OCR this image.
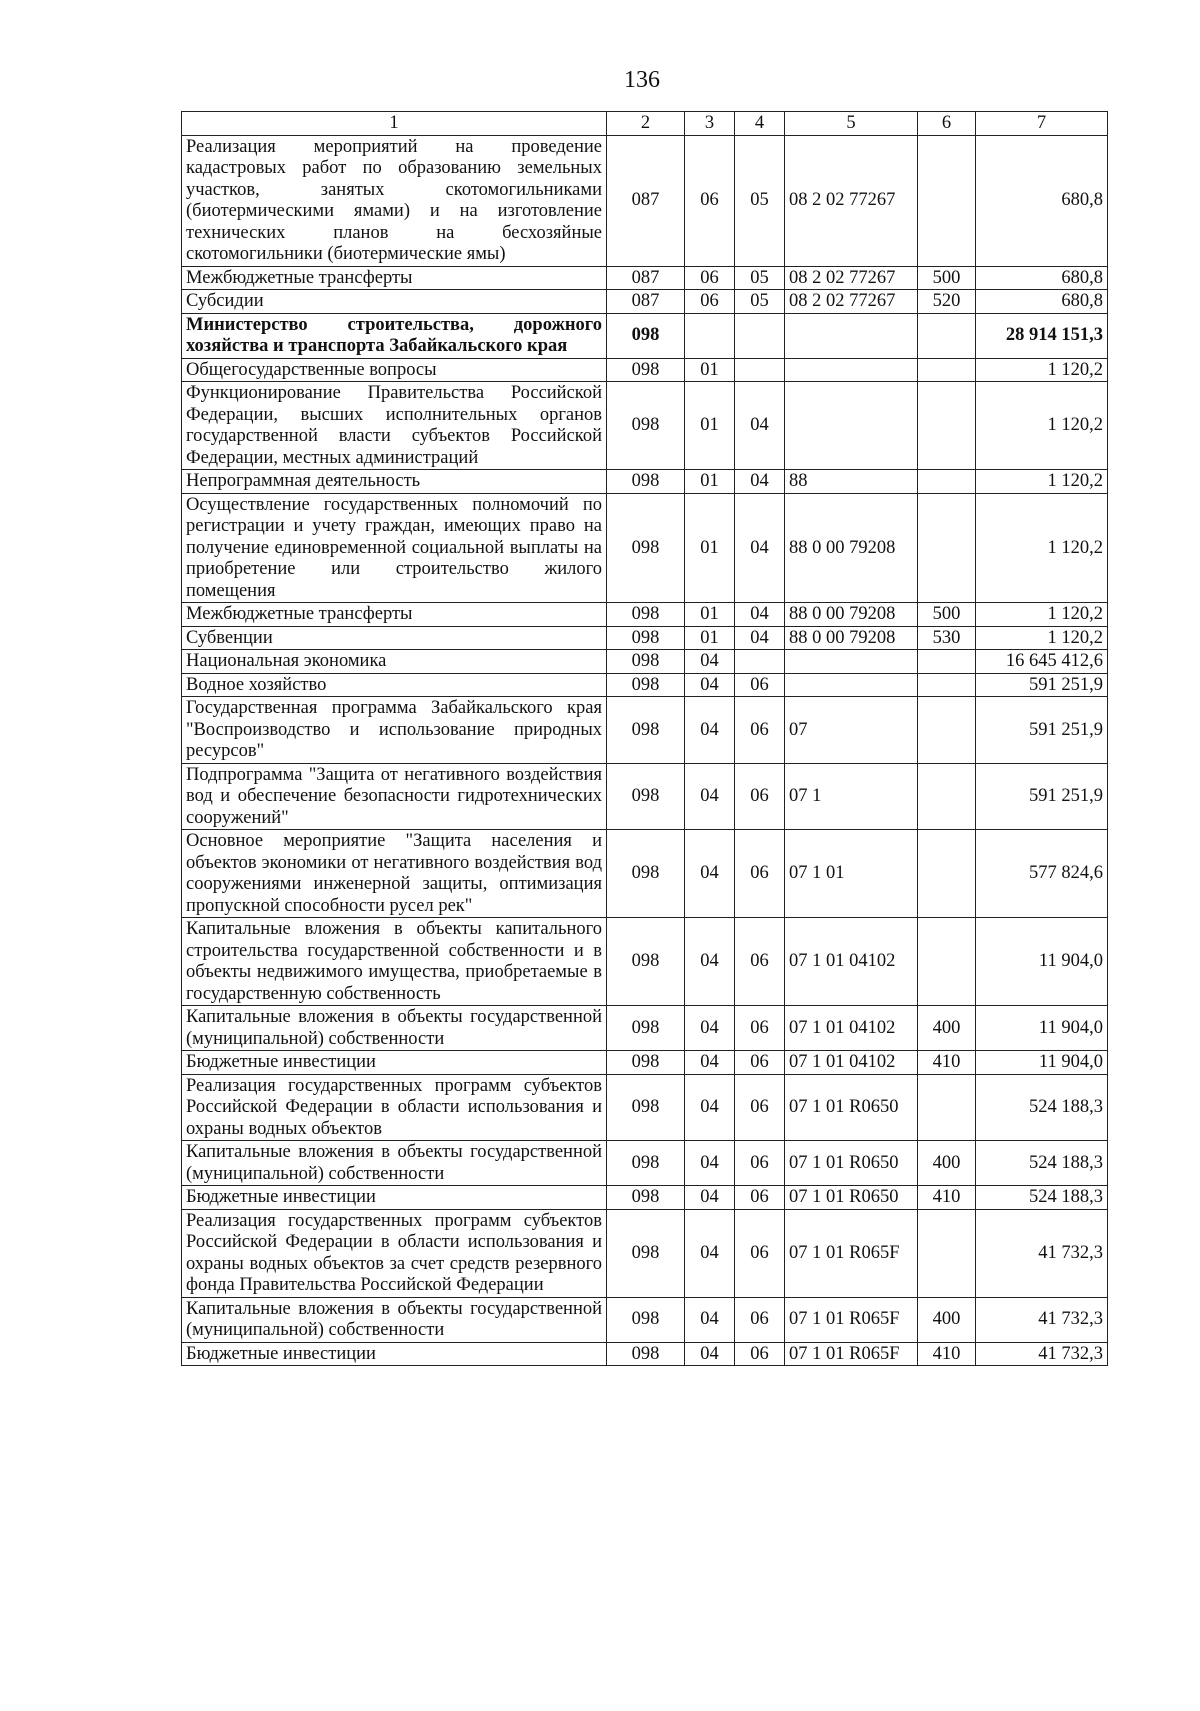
136
1	2	3	4	5	6	7
Реализация мероприятий на проведение кадастровых работ по образованию земельных участков, занятых скотомогильниками (биотермическими ямами) и на изготовление технических планов на бесхозяйные скотомогильники (биотермические ямы)	087	06	05	08 2 02 77267		680,8
Межбюджетные трансферты	087	06	05	08 2 02 77267	500	680,8
Субсидии	087	06	05	08 2 02 77267	520	680,8
Министерство строительства, дорожного хозяйства и транспорта Забайкальского края	098					28 914 151,3
Общегосударственные вопросы	098	01				1 120,2
Функционирование Правительства Российской Федерации, высших исполнительных органов государственной власти субъектов Российской Федерации, местных администраций	098	01	04			1 120,2
Непрограммная деятельность	098	01	04	88		1 120,2
Осуществление государственных полномочий по регистрации и учету граждан, имеющих право на получение единовременной социальной выплаты на приобретение или строительство жилого помещения	098	01	04	88 0 00 79208		1 120,2
Межбюджетные трансферты	098	01	04	88 0 00 79208	500	1 120,2
Субвенции	098	01	04	88 0 00 79208	530	1 120,2
Национальная экономика	098	04				16 645 412,6
Водное хозяйство	098	04	06			591 251,9
Государственная программа Забайкальского края "Воспроизводство и использование природных ресурсов"	098	04	06	07		591 251,9
Подпрограмма "Защита от негативного воздействия вод и обеспечение безопасности гидротехнических сооружений"	098	04	06	07 1		591 251,9
Основное мероприятие "Защита населения и объектов экономики от негативного воздействия вод сооружениями инженерной защиты, оптимизация пропускной способности русел рек"	098	04	06	07 1 01		577 824,6
Капитальные вложения в объекты капитального строительства государственной собственности и в объекты недвижимого имущества, приобретаемые в государственную собственность	098	04	06	07 1 01 04102		11 904,0
Капитальные вложения в объекты государственной (муниципальной) собственности	098	04	06	07 1 01 04102	400	11 904,0
Бюджетные инвестиции	098	04	06	07 1 01 04102	410	11 904,0
Реализация государственных программ субъектов Российской Федерации в области использования и охраны водных объектов	098	04	06	07 1 01 R0650		524 188,3
Капитальные вложения в объекты государственной (муниципальной) собственности	098	04	06	07 1 01 R0650	400	524 188,3
Бюджетные инвестиции	098	04	06	07 1 01 R0650	410	524 188,3
Реализация государственных программ субъектов Российской Федерации в области использования и охраны водных объектов за счет средств резервного фонда Правительства Российской Федерации	098	04	06	07 1 01 R065F		41 732,3
Капитальные вложения в объекты государственной (муниципальной) собственности	098	04	06	07 1 01 R065F	400	41 732,3
Бюджетные инвестиции	098	04	06	07 1 01 R065F	410	41 732,3
